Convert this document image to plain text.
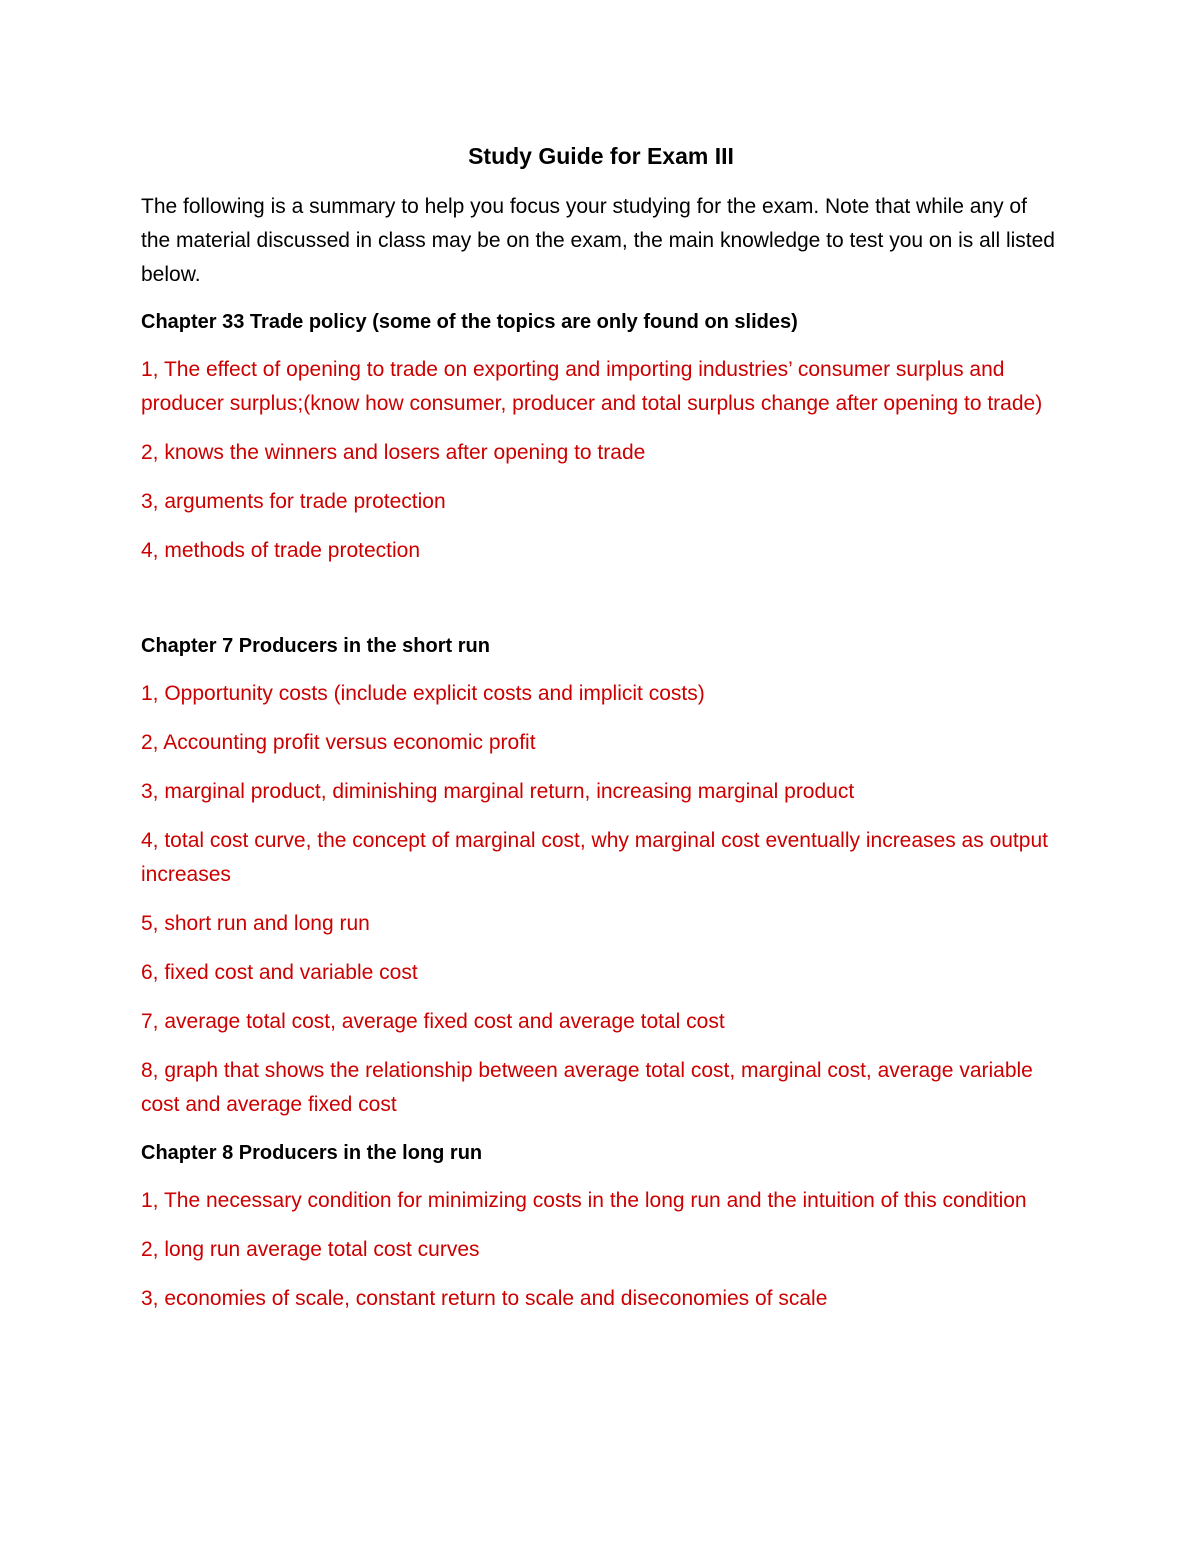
Study Guide for Exam III

The following is a summary to help you focus your studying for the exam. Note that while any of the material discussed in class may be on the exam, the main knowledge to test you on is all listed below.

Chapter 33 Trade policy (some of the topics are only found on slides)
1, The effect of opening to trade on exporting and importing industries’ consumer surplus and producer surplus;(know how consumer, producer and total surplus change after opening to trade)
2, knows the winners and losers after opening to trade
3, arguments for trade protection
4, methods of trade protection
Chapter 7 Producers in the short run
1, Opportunity costs (include explicit costs and implicit costs)
2, Accounting profit versus economic profit
3, marginal product, diminishing marginal return, increasing marginal product
4, total cost curve, the concept of marginal cost, why marginal cost eventually increases as output increases
5, short run and long run
6, fixed cost and variable cost
7, average total cost, average fixed cost and average total cost
8, graph that shows the relationship between average total cost, marginal cost, average variable cost and average fixed cost
Chapter 8 Producers in the long run
1, The necessary condition for minimizing costs in the long run and the intuition of this condition
2, long run average total cost curves
3, economies of scale, constant return to scale and diseconomies of scale
